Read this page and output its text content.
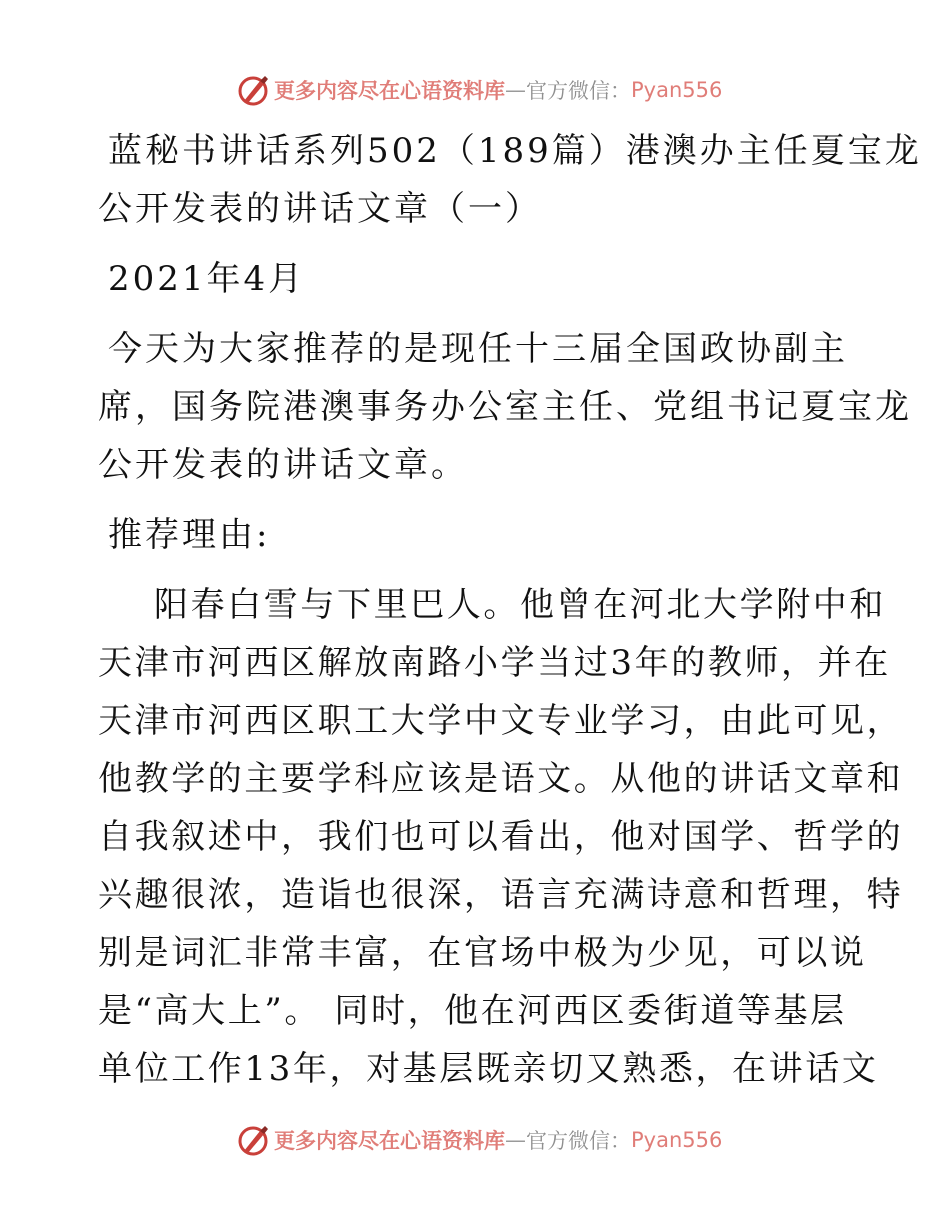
更多内容尽在心语资料库 — 官方微信： Pyan556

蓝秘书讲话系列502（189篇）港澳办主任夏宝龙

公开发表的讲话文章（一）

2021年4月

今天为大家推荐的是现任十三届全国政协副主

席，国务院港澳事务办公室主任、党组书记夏宝龙

公开发表的讲话文章。

推荐理由:

阳春白雪与下里巴人。他曾在河北大学附中和

天津市河西区解放南路小学当过3年的教师，并在

天津市河西区职工大学中文专业学习，由此可见，

他教学的主要学科应该是语文。从他的讲话文章和

自我叙述中，我们也可以看出，他对国学、哲学的

兴趣很浓，造诣也很深，语言充满诗意和哲理，特

别是词汇非常丰富，在官场中极为少见，可以说

是“高大上”。 同时，他在河西区委街道等基层

单位工作13年，对基层既亲切又熟悉，在讲话文

更多内容尽在心语资料库 — 官方微信： Pyan556
